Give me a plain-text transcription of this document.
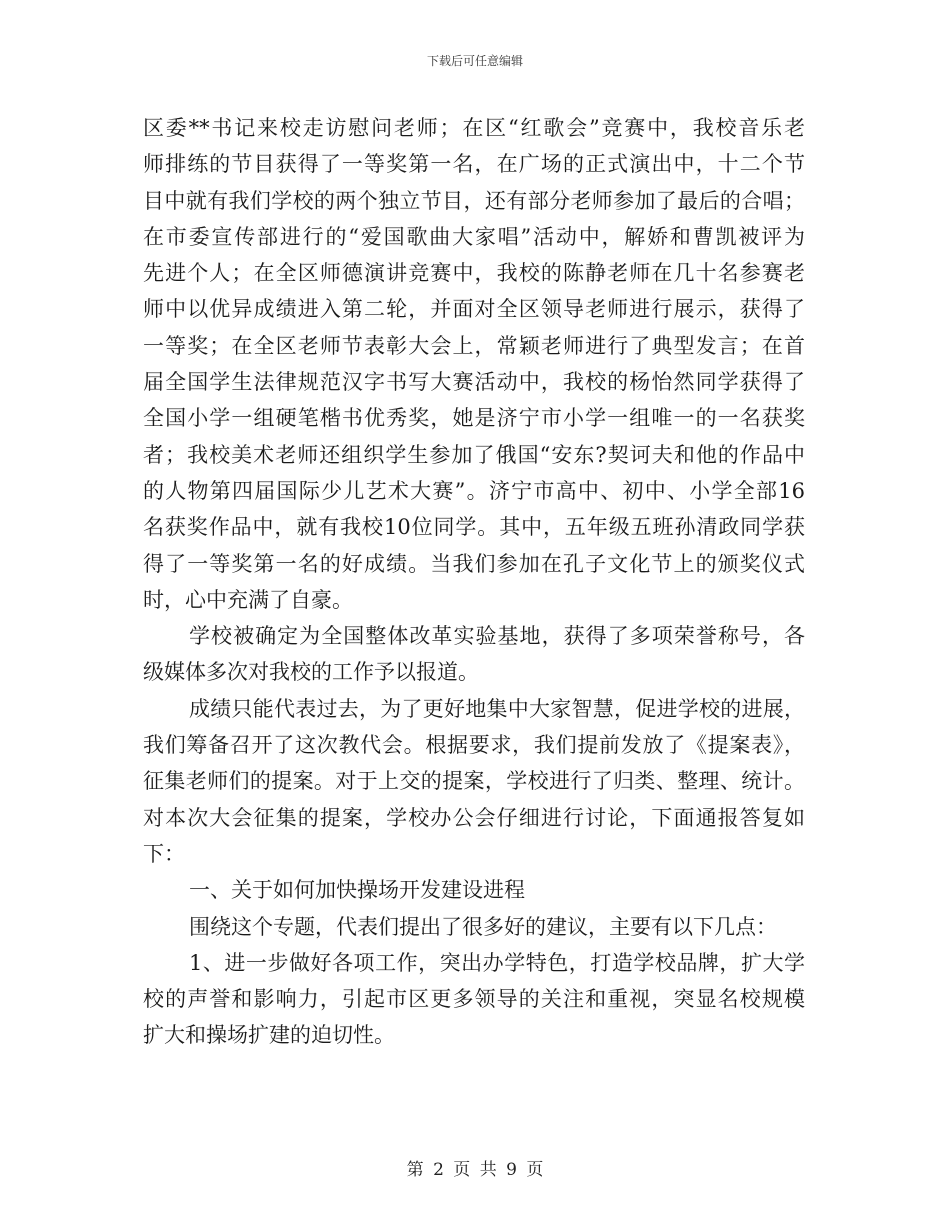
下载后可任意编辑
区委**书记来校走访慰问老师；在区“红歌会”竞赛中，我校音乐老
师排练的节目获得了一等奖第一名，在广场的正式演出中，十二个节
目中就有我们学校的两个独立节目，还有部分老师参加了最后的合唱；
在市委宣传部进行的“爱国歌曲大家唱”活动中，解娇和曹凯被评为
先进个人；在全区师德演讲竞赛中，我校的陈静老师在几十名参赛老
师中以优异成绩进入第二轮，并面对全区领导老师进行展示，获得了
一等奖；在全区老师节表彰大会上，常颖老师进行了典型发言；在首
届全国学生法律规范汉字书写大赛活动中，我校的杨怡然同学获得了
全国小学一组硬笔楷书优秀奖，她是济宁市小学一组唯一的一名获奖
者；我校美术老师还组织学生参加了俄国“安东?契诃夫和他的作品中
的人物第四届国际少儿艺术大赛”。济宁市高中、初中、小学全部16
名获奖作品中，就有我校10位同学。其中，五年级五班孙清政同学获
得了一等奖第一名的好成绩。当我们参加在孔子文化节上的颁奖仪式
时，心中充满了自豪。
学校被确定为全国整体改革实验基地，获得了多项荣誉称号，各
级媒体多次对我校的工作予以报道。
成绩只能代表过去，为了更好地集中大家智慧，促进学校的进展，
我们筹备召开了这次教代会。根据要求，我们提前发放了《提案表》，
征集老师们的提案。对于上交的提案，学校进行了归类、整理、统计。
对本次大会征集的提案，学校办公会仔细进行讨论，下面通报答复如
下：
一、关于如何加快操场开发建设进程
围绕这个专题，代表们提出了很多好的建议，主要有以下几点：
1、进一步做好各项工作，突出办学特色，打造学校品牌，扩大学
校的声誉和影响力，引起市区更多领导的关注和重视，突显名校规模
扩大和操场扩建的迫切性。
第 2 页 共 9 页
